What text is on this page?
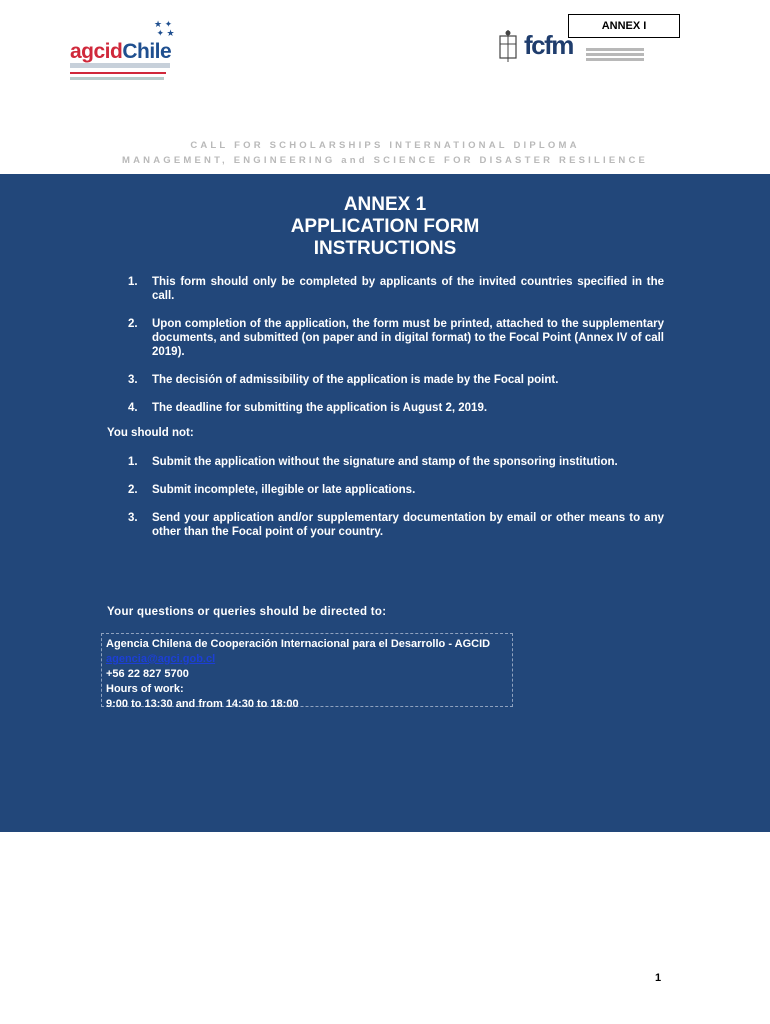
ANNEX I
★ ✦
✦ ★
agcidChile	fcfm
CALL FOR SCHOLARSHIPS INTERNATIONAL DIPLOMA
MANAGEMENT, ENGINEERING and SCIENCE FOR DISASTER RESILIENCE
ANNEX 1
APPLICATION FORM
INSTRUCTIONS
1. This form should only be completed by applicants of the invited countries specified in the call.
2. Upon completion of the application, the form must be printed, attached to the supplementary documents, and submitted (on paper and in digital format) to the Focal Point (Annex IV of call 2019).
3. The decisión of admissibility of the application is made by the Focal point.
4. The deadline for submitting the application is August 2, 2019.
You should not:
1. Submit the application without the signature and stamp of the sponsoring institution.
2. Submit incomplete, illegible or late applications.
3. Send your application and/or supplementary documentation by email or other means to any other than the Focal point of your country.
Your questions or queries should be directed to:
Agencia Chilena de Cooperación Internacional para el Desarrollo - AGCID
agencia@agci.gob.cl
+56 22 827 5700
Hours of work:
9:00 to 13:30 and from 14:30 to 18:00
1
